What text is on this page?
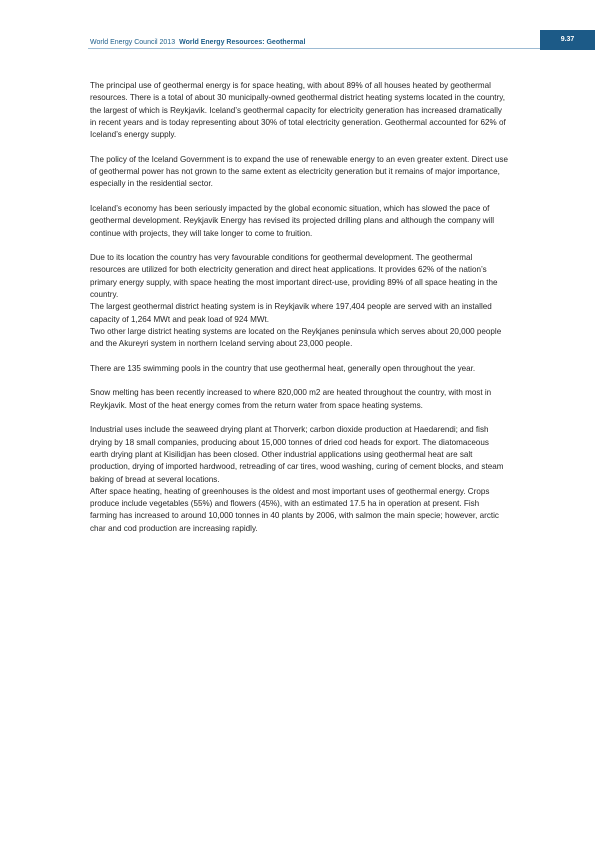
World Energy Council 2013 World Energy Resources: Geothermal	9.37

The principal use of geothermal energy is for space heating, with about 89% of all houses heated by geothermal resources. There is a total of about 30 municipally-owned geothermal district heating systems located in the country, the largest of which is Reykjavik. Iceland’s geothermal capacity for electricity generation has increased dramatically in recent years and is today representing about 30% of total electricity generation. Geothermal accounted for 62% of Iceland’s energy supply.

The policy of the Iceland Government is to expand the use of renewable energy to an even greater extent. Direct use of geothermal power has not grown to the same extent as electricity generation but it remains of major importance, especially in the residential sector.

Iceland’s economy has been seriously impacted by the global economic situation, which has slowed the pace of geothermal development. Reykjavik Energy has revised its projected drilling plans and although the company will continue with projects, they will take longer to come to fruition.

Due to its location the country has very favourable conditions for geothermal development. The geothermal resources are utilized for both electricity generation and direct heat applications. It provides 62% of the nation’s primary energy supply, with space heating the most important direct-use, providing 89% of all space heating in the country.

The largest geothermal district heating system is in Reykjavik where 197,404 people are served with an installed capacity of 1,264 MWt and peak load of 924 MWt.

Two other large district heating systems are located on the Reykjanes peninsula which serves about 20,000 people and the Akureyri system in northern Iceland serving about 23,000 people.

There are 135 swimming pools in the country that use geothermal heat, generally open throughout the year.

Snow melting has been recently increased to where 820,000 m2 are heated throughout the country, with most in Reykjavik. Most of the heat energy comes from the return water from space heating systems.

Industrial uses include the seaweed drying plant at Thorverk; carbon dioxide production at Haedarendi; and fish drying by 18 small companies, producing about 15,000 tonnes of dried cod heads for export. The diatomaceous earth drying plant at Kisilidjan has been closed. Other industrial applications using geothermal heat are salt production, drying of imported hardwood, retreading of car tires, wood washing, curing of cement blocks, and steam baking of bread at several locations.

After space heating, heating of greenhouses is the oldest and most important uses of geothermal energy. Crops produce include vegetables (55%) and flowers (45%), with an estimated 17.5 ha in operation at present. Fish farming has increased to around 10,000 tonnes in 40 plants by 2006, with salmon the main specie; however, arctic char and cod production are increasing rapidly.
